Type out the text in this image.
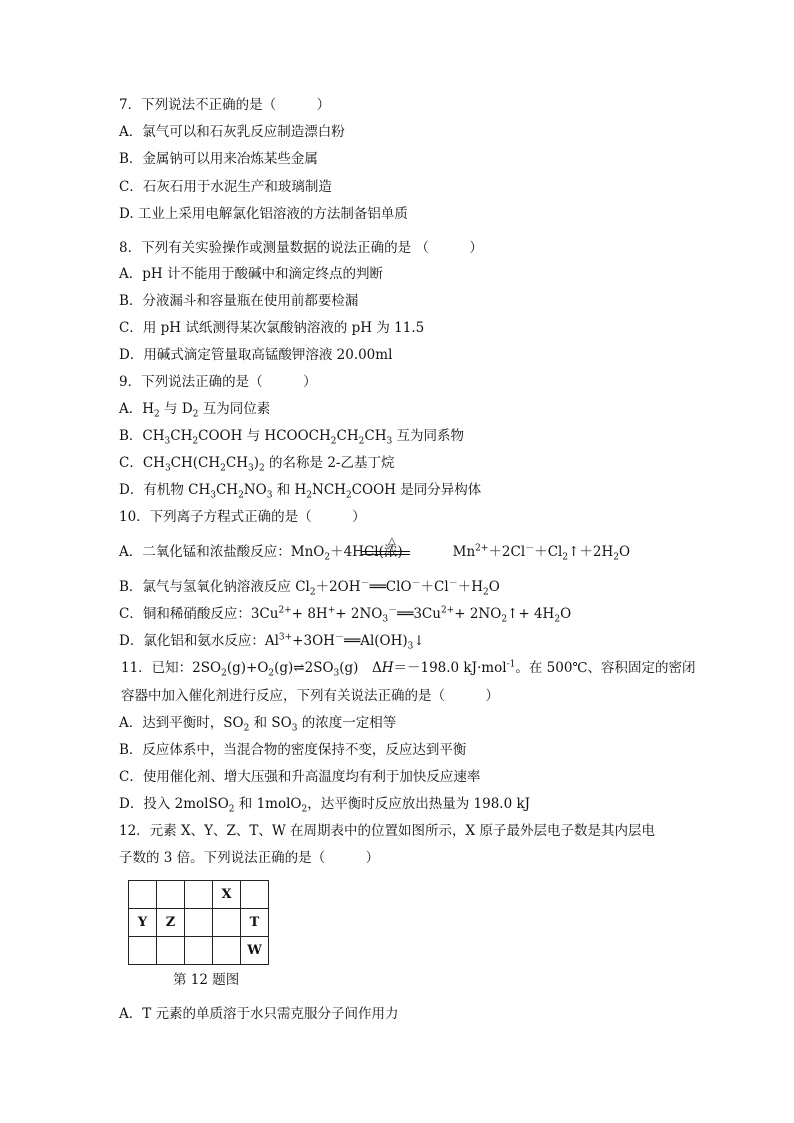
7．下列说法不正确的是（　　　）
A．氯气可以和石灰乳反应制造漂白粉
B．金属钠可以用来冶炼某些金属
C．石灰石用于水泥生产和玻璃制造
D. 工业上采用电解氯化铝溶液的方法制备铝单质
8．下列有关实验操作或测量数据的说法正确的是 （　　　）
A．pH 计不能用于酸碱中和滴定终点的判断
B．分液漏斗和容量瓶在使用前都要检漏
C．用 pH 试纸测得某次氯酸钠溶液的 pH 为 11.5
D．用碱式滴定管量取高锰酸钾溶液 20.00ml
9．下列说法正确的是（　　　）
A．$H_2$ 与 $D_2$ 互为同位素
B．$CH_3CH_2COOH$ 与 $HCOOCH_2CH_2CH_3$ 互为同系物
C．$CH_3CH(CH_2CH_3)_2$ 的名称是 2-乙基丁烷
D．有机物 $CH_3CH_2NO_3$ 和 $H_2NCH_2COOH$ 是同分异构体
10．下列离子方程式正确的是（　　　）
A．二氧化锰和浓盐酸反应：MnO$_2$＋4HCl(浓)	$Mn^{2+}+2Cl^-+Cl_2↑+2H_2O$
△
B．氯气与氢氧化钠溶液反应 $Cl_2+2OH^-══ClO^-+Cl^-+H_2O$
C．铜和稀硝酸反应：$3Cu^{2+}+ 8H^++$ $2NO_3^-══3Cu^{2+}+$ $2NO_2↑+ 4H_2O$
D．氯化铝和氨水反应：$Al^{3+}+3OH^-══Al(OH)_3↓$
11．已知：$2SO_2(g)+O_2(g)\rightleftharpoons 2SO_3(g)$　ΔH＝－198.0 kJ·mol$^{-1}$。在 500℃、容积固定的密闭
容器中加入催化剂进行反应，下列有关说法正确的是（　　　）
A．达到平衡时，$SO_2$ 和 $SO_3$ 的浓度一定相等
B．反应体系中，当混合物的密度保持不变，反应达到平衡
C．使用催化剂、增大压强和升高温度均有利于加快反应速率
D．投入 2molSO$_2$ 和 1molO$_2$，达平衡时反应放出热量为 198.0 kJ
12．元素 X、Y、Z、T、W 在周期表中的位置如图所示，X 原子最外层电子数是其内层电
子数的 3 倍。下列说法正确的是（　　　）
			X	
Y	Z			T
				W
第 12 题图
A．T 元素的单质溶于水只需克服分子间作用力
